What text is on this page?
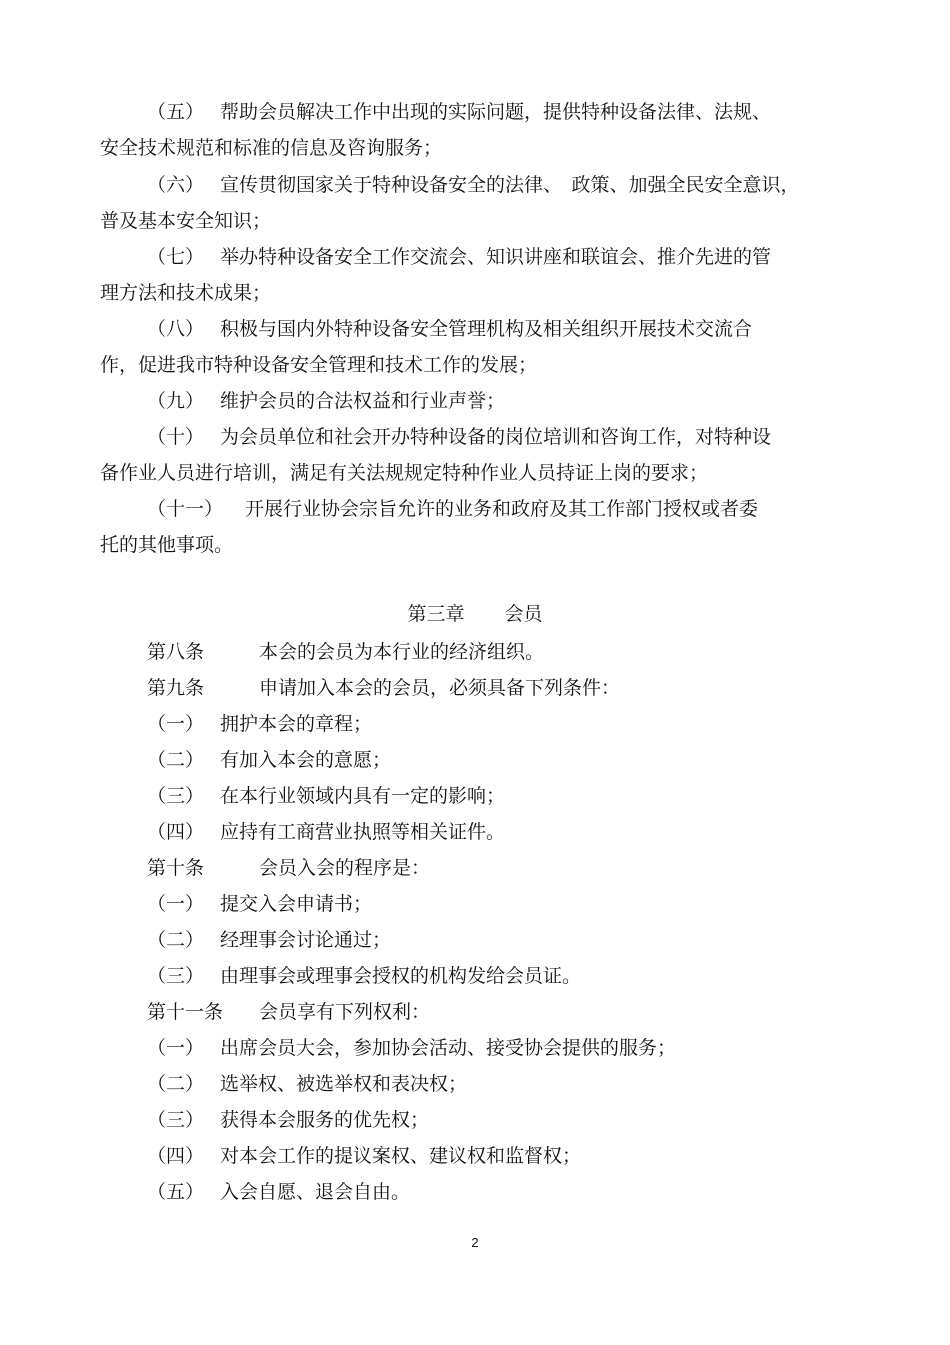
（五） 帮助会员解决工作中出现的实际问题，提供特种设备法律、法规、
安全技术规范和标准的信息及咨询服务；
（六） 宣传贯彻国家关于特种设备安全的法律、　政策、加强全民安全意识，
普及基本安全知识；
（七） 举办特种设备安全工作交流会、知识讲座和联谊会、推介先进的管
理方法和技术成果；
（八） 积极与国内外特种设备安全管理机构及相关组织开展技术交流合
作，促进我市特种设备安全管理和技术工作的发展；
（九） 维护会员的合法权益和行业声誉；
（十） 为会员单位和社会开办特种设备的岗位培训和咨询工作，对特种设
备作业人员进行培训，满足有关法规规定特种作业人员持证上岗的要求；
（十一） 开展行业协会宗旨允许的业务和政府及其工作部门授权或者委
托的其他事项。
第三章 会员
第八条	本会的会员为本行业的经济组织。
第九条	申请加入本会的会员，必须具备下列条件：
（一） 拥护本会的章程；
（二） 有加入本会的意愿；
（三） 在本行业领域内具有一定的影响；
（四） 应持有工商营业执照等相关证件。
第十条	会员入会的程序是：
（一） 提交入会申请书；
（二） 经理事会讨论通过；
（三） 由理事会或理事会授权的机构发给会员证。
第十一条 会员享有下列权利：
（一） 出席会员大会，参加协会活动、接受协会提供的服务；
（二） 选举权、被选举权和表决权；
（三） 获得本会服务的优先权；
（四） 对本会工作的提议案权、建议权和监督权；
（五） 入会自愿、退会自由。
2
